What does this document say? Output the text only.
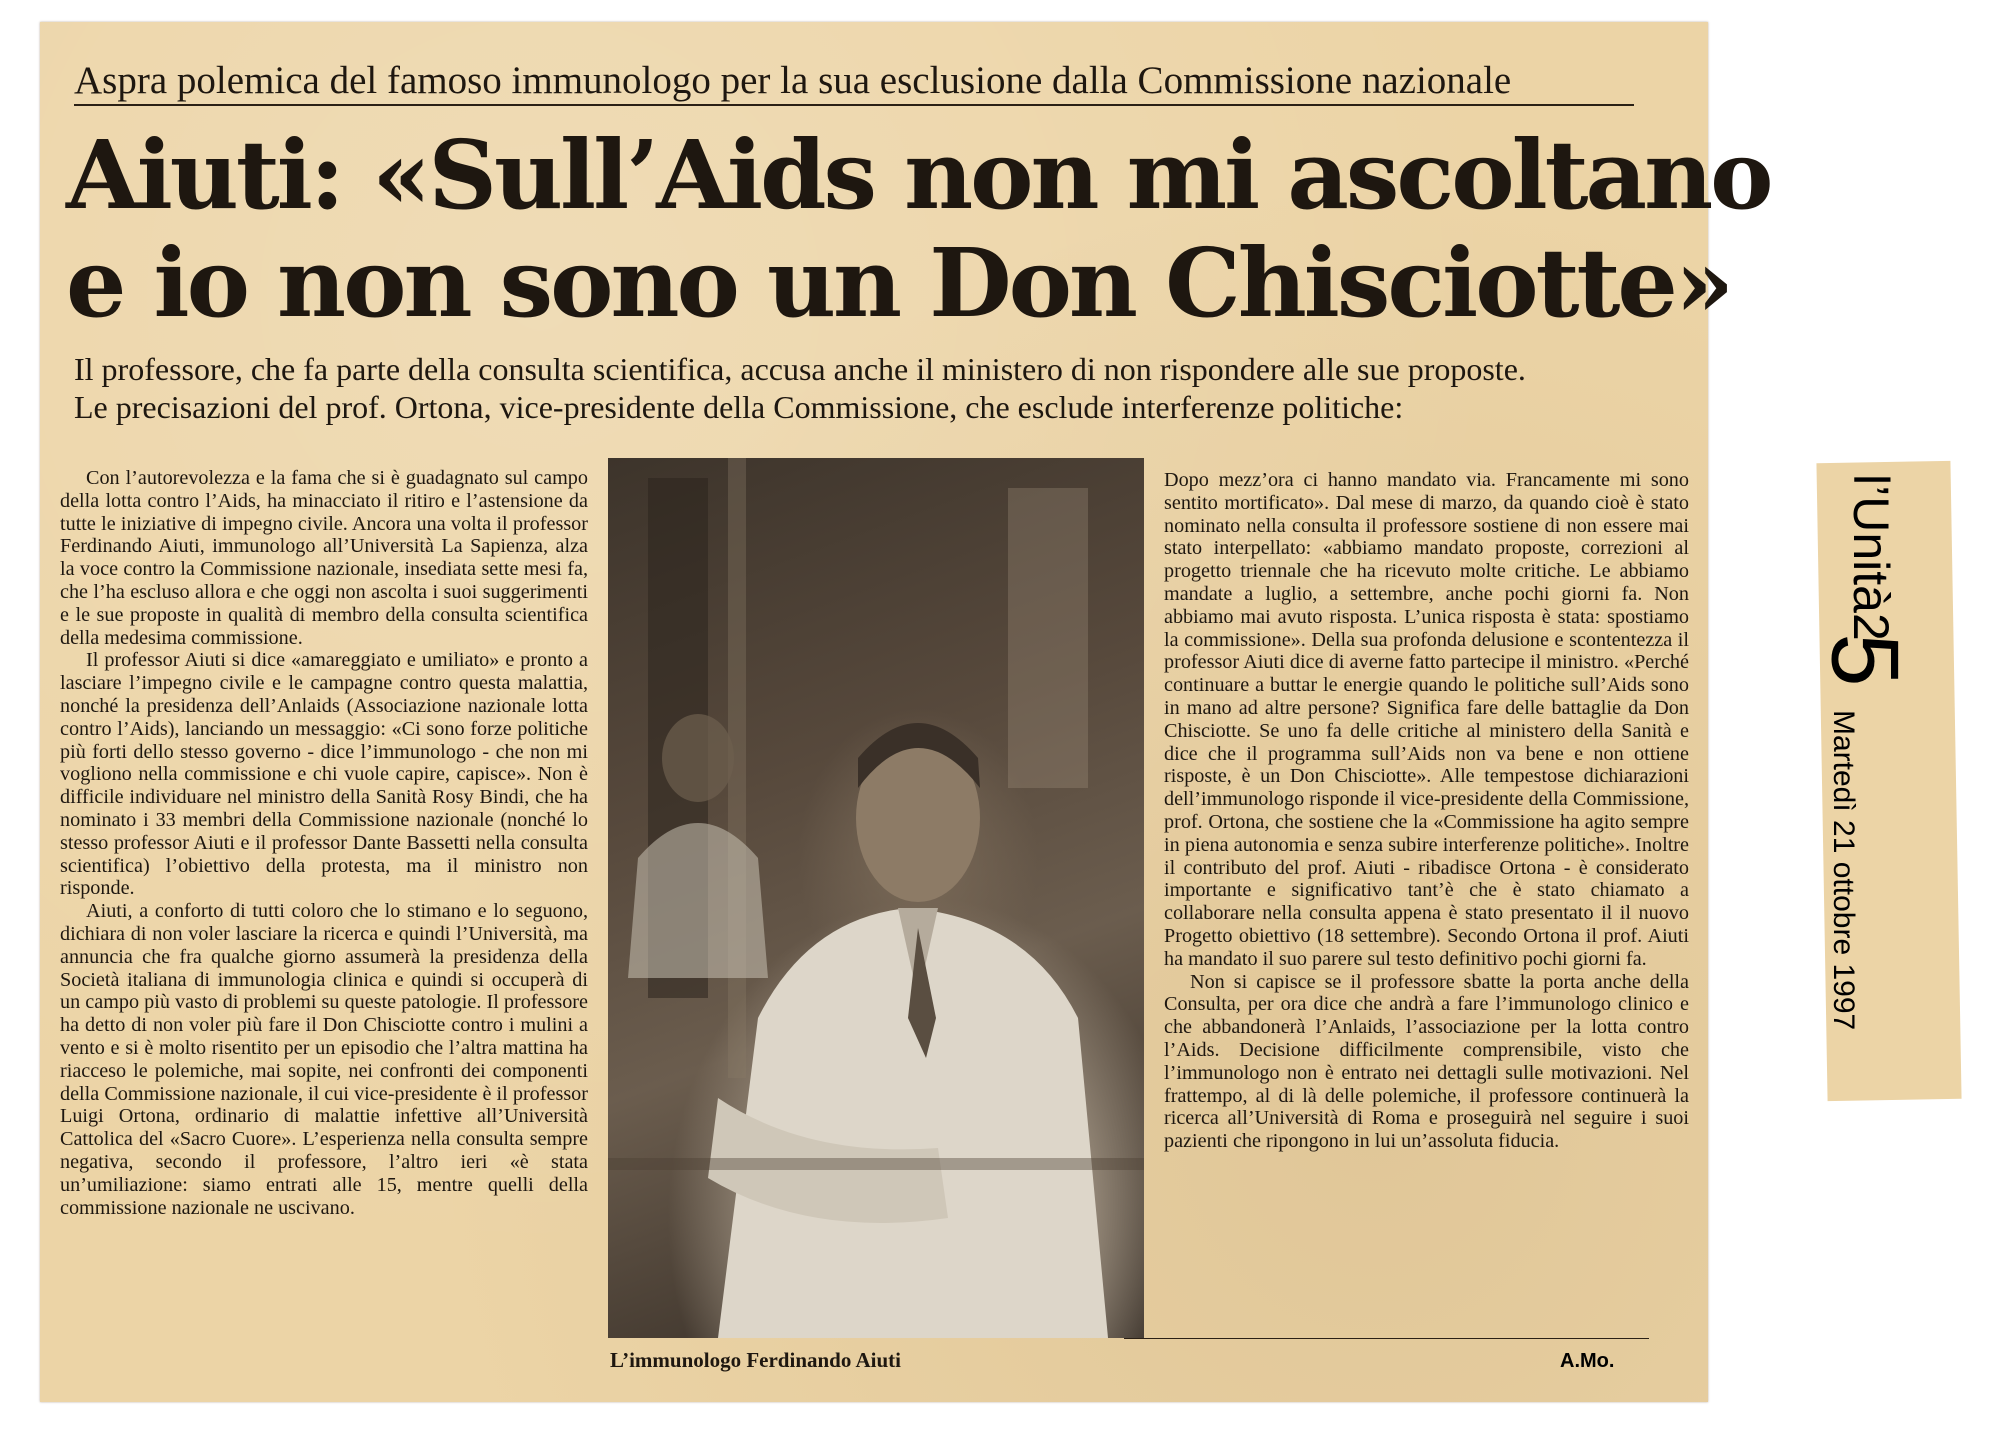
Aspra polemica del famoso immunologo per la sua esclusione dalla Commissione nazionale
Aiuti: «Sull’Aids non mi ascoltano
e io non sono un Don Chisciotte»
Il professore, che fa parte della consulta scientifica, accusa anche il ministero di non rispondere alle sue proposte.
Le precisazioni del prof. Ortona, vice-presidente della Commissione, che esclude interferenze politiche:

Con l’autorevolezza e la fama che si è guadagnato sul campo della lotta contro l’Aids, ha minacciato il ritiro e l’astensione da tutte le iniziative di impegno civile. Ancora una volta il professor Ferdinando Aiuti, immunologo all’Università La Sapienza, alza la voce contro la Commissione nazionale, insediata sette mesi fa, che l’ha escluso allora e che oggi non ascolta i suoi suggerimenti e le sue proposte in qualità di membro della consulta scientifica della medesima commissione.

Il professor Aiuti si dice «amareggiato e umiliato» e pronto a lasciare l’impegno civile e le campagne contro questa malattia, nonché la presidenza dell’Anlaids (Associazione nazionale lotta contro l’Aids), lanciando un messaggio: «Ci sono forze politiche più forti dello stesso governo - dice l’immunologo - che non mi vogliono nella commissione e chi vuole capire, capisce». Non è difficile individuare nel ministro della Sanità Rosy Bindi, che ha nominato i 33 membri della Commissione nazionale (nonché lo stesso professor Aiuti e il professor Dante Bassetti nella consulta scientifica) l’obiettivo della protesta, ma il ministro non risponde.

Aiuti, a conforto di tutti coloro che lo stimano e lo seguono, dichiara di non voler lasciare la ricerca e quindi l’Università, ma annuncia che fra qualche giorno assumerà la presidenza della Società italiana di immunologia clinica e quindi si occuperà di un campo più vasto di problemi su queste patologie. Il professore ha detto di non voler più fare il Don Chisciotte contro i mulini a vento e si è molto risentito per un episodio che l’altra mattina ha riacceso le polemiche, mai sopite, nei confronti dei componenti della Commissione nazionale, il cui vice-presidente è il professor Luigi Ortona, ordinario di malattie infettive all’Università Cattolica del «Sacro Cuore». L’esperienza nella consulta sempre negativa, secondo il professore, l’altro ieri «è stata un’umiliazione: siamo entrati alle 15, mentre quelli della commissione nazionale ne uscivano.

L’immunologo Ferdinando Aiuti

Dopo mezz’ora ci hanno mandato via. Francamente mi sono sentito mortificato». Dal mese di marzo, da quando cioè è stato nominato nella consulta il professore sostiene di non essere mai stato interpellato: «abbiamo mandato proposte, correzioni al progetto triennale che ha ricevuto molte critiche. Le abbiamo mandate a luglio, a settembre, anche pochi giorni fa. Non abbiamo mai avuto risposta. L’unica risposta è stata: spostiamo la commissione». Della sua profonda delusione e scontentezza il professor Aiuti dice di averne fatto partecipe il ministro. «Perché continuare a buttar le energie quando le politiche sull’Aids sono in mano ad altre persone? Significa fare delle battaglie da Don Chisciotte. Se uno fa delle critiche al ministero della Sanità e dice che il programma sull’Aids non va bene e non ottiene risposte, è un Don Chisciotte». Alle tempestose dichiarazioni dell’immunologo risponde il vice-presidente della Commissione, prof. Ortona, che sostiene che la «Commissione ha agito sempre in piena autonomia e senza subire interferenze politiche». Inoltre il contributo del prof. Aiuti - ribadisce Ortona - è considerato importante e significativo tant’è che è stato chiamato a collaborare nella consulta appena è stato presentato il il nuovo Progetto obiettivo (18 settembre). Secondo Ortona il prof. Aiuti ha mandato il suo parere sul testo definitivo pochi giorni fa.

Non si capisce se il professore sbatte la porta anche della Consulta, per ora dice che andrà a fare l’immunologo clinico e che abbandonerà l’Anlaids, l’associazione per la lotta contro l’Aids. Decisione difficilmente comprensibile, visto che l’immunologo non è entrato nei dettagli sulle motivazioni. Nel frattempo, al di là delle polemiche, il professore continuerà la ricerca all’Università di Roma e proseguirà nel seguire i suoi pazienti che ripongono in lui un’assoluta fiducia.

A.Mo.
l’Unità2
5
Martedì 21 ottobre 1997
